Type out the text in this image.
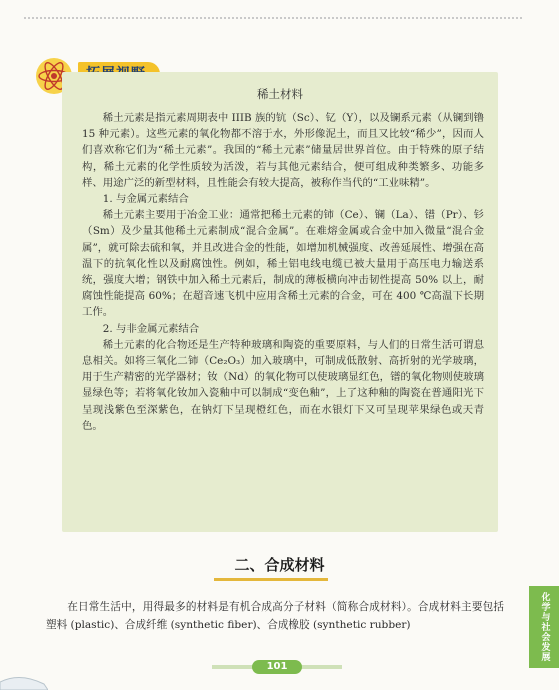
稀土材料

稀土元素是指元素周期表中 IIIB 族的钪（Sc）、钇（Y），以及镧系元素（从镧到镥 15 种元素）。这些元素的氧化物都不溶于水，外形像泥土，而且又比较“稀少”，因而人们喜欢称它们为“稀土元素”。我国的“稀土元素”储量居世界首位。由于特殊的原子结构，稀土元素的化学性质较为活泼，若与其他元素结合，便可组成种类繁多、功能多样、用途广泛的新型材料，且性能会有较大提高，被称作当代的“工业味精”。

1. 与金属元素结合

稀土元素主要用于冶金工业：通常把稀土元素的铈（Ce）、镧（La）、镨（Pr）、钐（Sm）及少量其他稀土元素制成“混合金属”。在难熔金属或合金中加入微量“混合金属”，就可除去硫和氧，并且改进合金的性能，如增加机械强度、改善延展性、增强在高温下的抗氧化性以及耐腐蚀性。例如，稀土铝电线电缆已被大量用于高压电力输送系统，强度大增；钢铁中加入稀土元素后，制成的薄板横向冲击韧性提高 50% 以上，耐腐蚀性能提高 60%；在超音速飞机中应用含稀土元素的合金，可在 400 ℃高温下长期工作。

2. 与非金属元素结合

稀土元素的化合物还是生产特种玻璃和陶瓷的重要原料，与人们的日常生活可谓息息相关。如将三氧化二铈（Ce₂O₃）加入玻璃中，可制成低散射、高折射的光学玻璃，用于生产精密的光学器材；钕（Nd）的氧化物可以使玻璃显红色，镨的氧化物则使玻璃显绿色等；若将氧化钕加入瓷釉中可以制成“变色釉”，上了这种釉的陶瓷在普通阳光下呈现浅紫色至深紫色，在钠灯下呈现橙红色，而在水银灯下又可呈现苹果绿色或天青色。

二、合成材料

在日常生活中，用得最多的材料是有机合成高分子材料（简称合成材料）。合成材料主要包括塑料 (plastic)、合成纤维 (synthetic fiber)、合成橡胶 (synthetic rubber)	化学与社会发展
101
